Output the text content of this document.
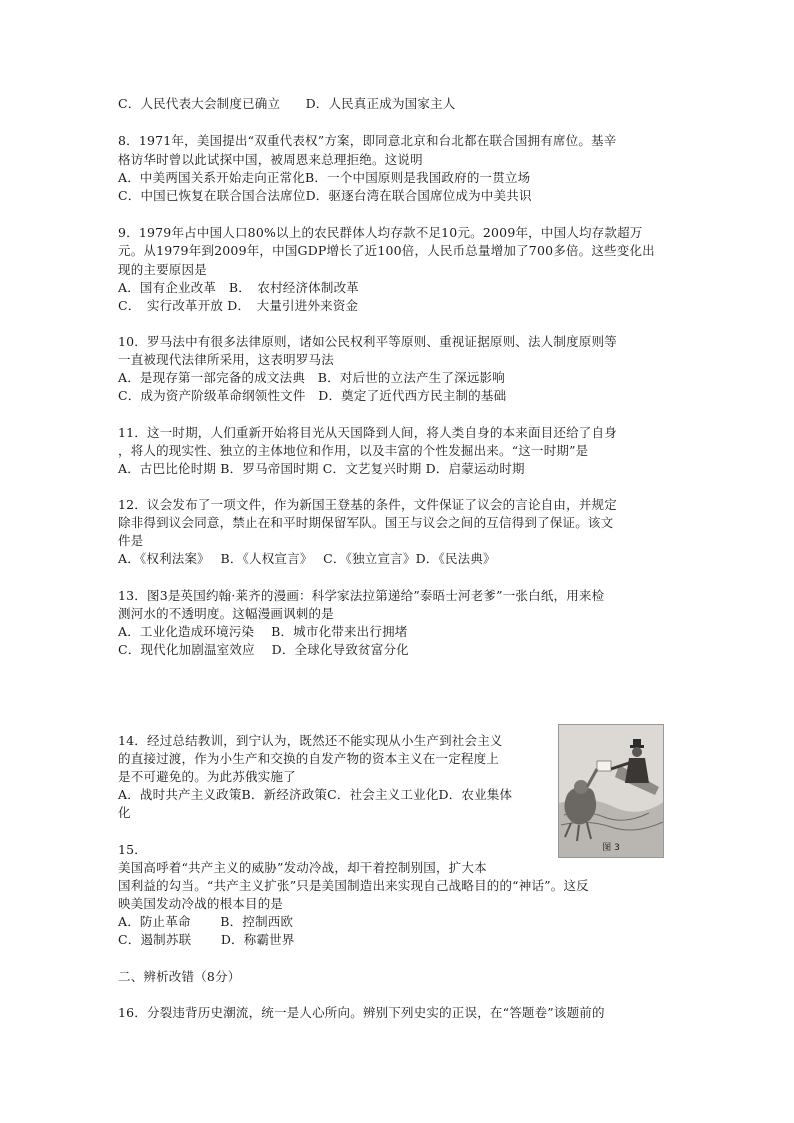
C．人民代表大会制度已确立　　D．人民真正成为国家主人
8．1971年，美国提出“双重代表权”方案，即同意北京和台北都在联合国拥有席位。基辛
格访华时曾以此试探中国，被周恩来总理拒绝。这说明
A．中美两国关系开始走向正常化B．一个中国原则是我国政府的一贯立场
C．中国已恢复在联合国合法席位D．驱逐台湾在联合国席位成为中美共识
9．1979年占中国人口80%以上的农民群体人均存款不足10元。2009年，中国人均存款超万
元。从1979年到2009年，中国GDP增长了近100倍，人民币总量增加了700多倍。这些变化出
现的主要原因是
A．国有企业改革　B．　农村经济体制改革
C．　实行改革开放 D．　大量引进外来资金
10．罗马法中有很多法律原则，诸如公民权利平等原则、重视证据原则、法人制度原则等
一直被现代法律所采用，这表明罗马法
A．是现存第一部完备的成文法典　B．对后世的立法产生了深远影响
C．成为资产阶级革命纲领性文件　D．奠定了近代西方民主制的基础
11．这一时期，人们重新开始将目光从天国降到人间，将人类自身的本来面目还给了自身
，将人的现实性、独立的主体地位和作用，以及丰富的个性发掘出来。“这一时期”是
A．古巴比伦时期 B．罗马帝国时期 C．文艺复兴时期 D．启蒙运动时期
12．议会发布了一项文件，作为新国王登基的条件，文件保证了议会的言论自由，并规定
除非得到议会同意，禁止在和平时期保留军队。国王与议会之间的互信得到了保证。该文
件是
A．《权利法案》　 B．《人权宣言》　 C．《独立宣言》D．《民法典》
13．图3是英国约翰·莱齐的漫画：科学家法拉第递给”泰晤士河老爹”一张白纸，用来检
测河水的不透明度。这幅漫画讽刺的是
A．工业化造成环境污染　 B．城市化带来出行拥堵
C．现代化加剧温室效应　 D．全球化导致贫富分化
14．经过总结教训，到宁认为，既然还不能实现从小生产到社会主义
的直接过渡，作为小生产和交换的自发产物的资本主义在一定程度上
是不可避免的。为此苏俄实施了
A．战时共产主义政策B．新经济政策C．社会主义工业化D．农业集体
化
15．
美国高呼着“共产主义的威胁”发动冷战，却干着控制别国，扩大本
国利益的勾当。“共产主义扩张”只是美国制造出来实现自己战略目的的“神话”。这反
映美国发动冷战的根本目的是
A．防止革命　　 B．控制西欧
C．遏制苏联　　 D．称霸世界
二、辨析改错（8分）
16．分裂违背历史潮流，统一是人心所向。辨别下列史实的正误，在“答题卷”该题前的
图 3
